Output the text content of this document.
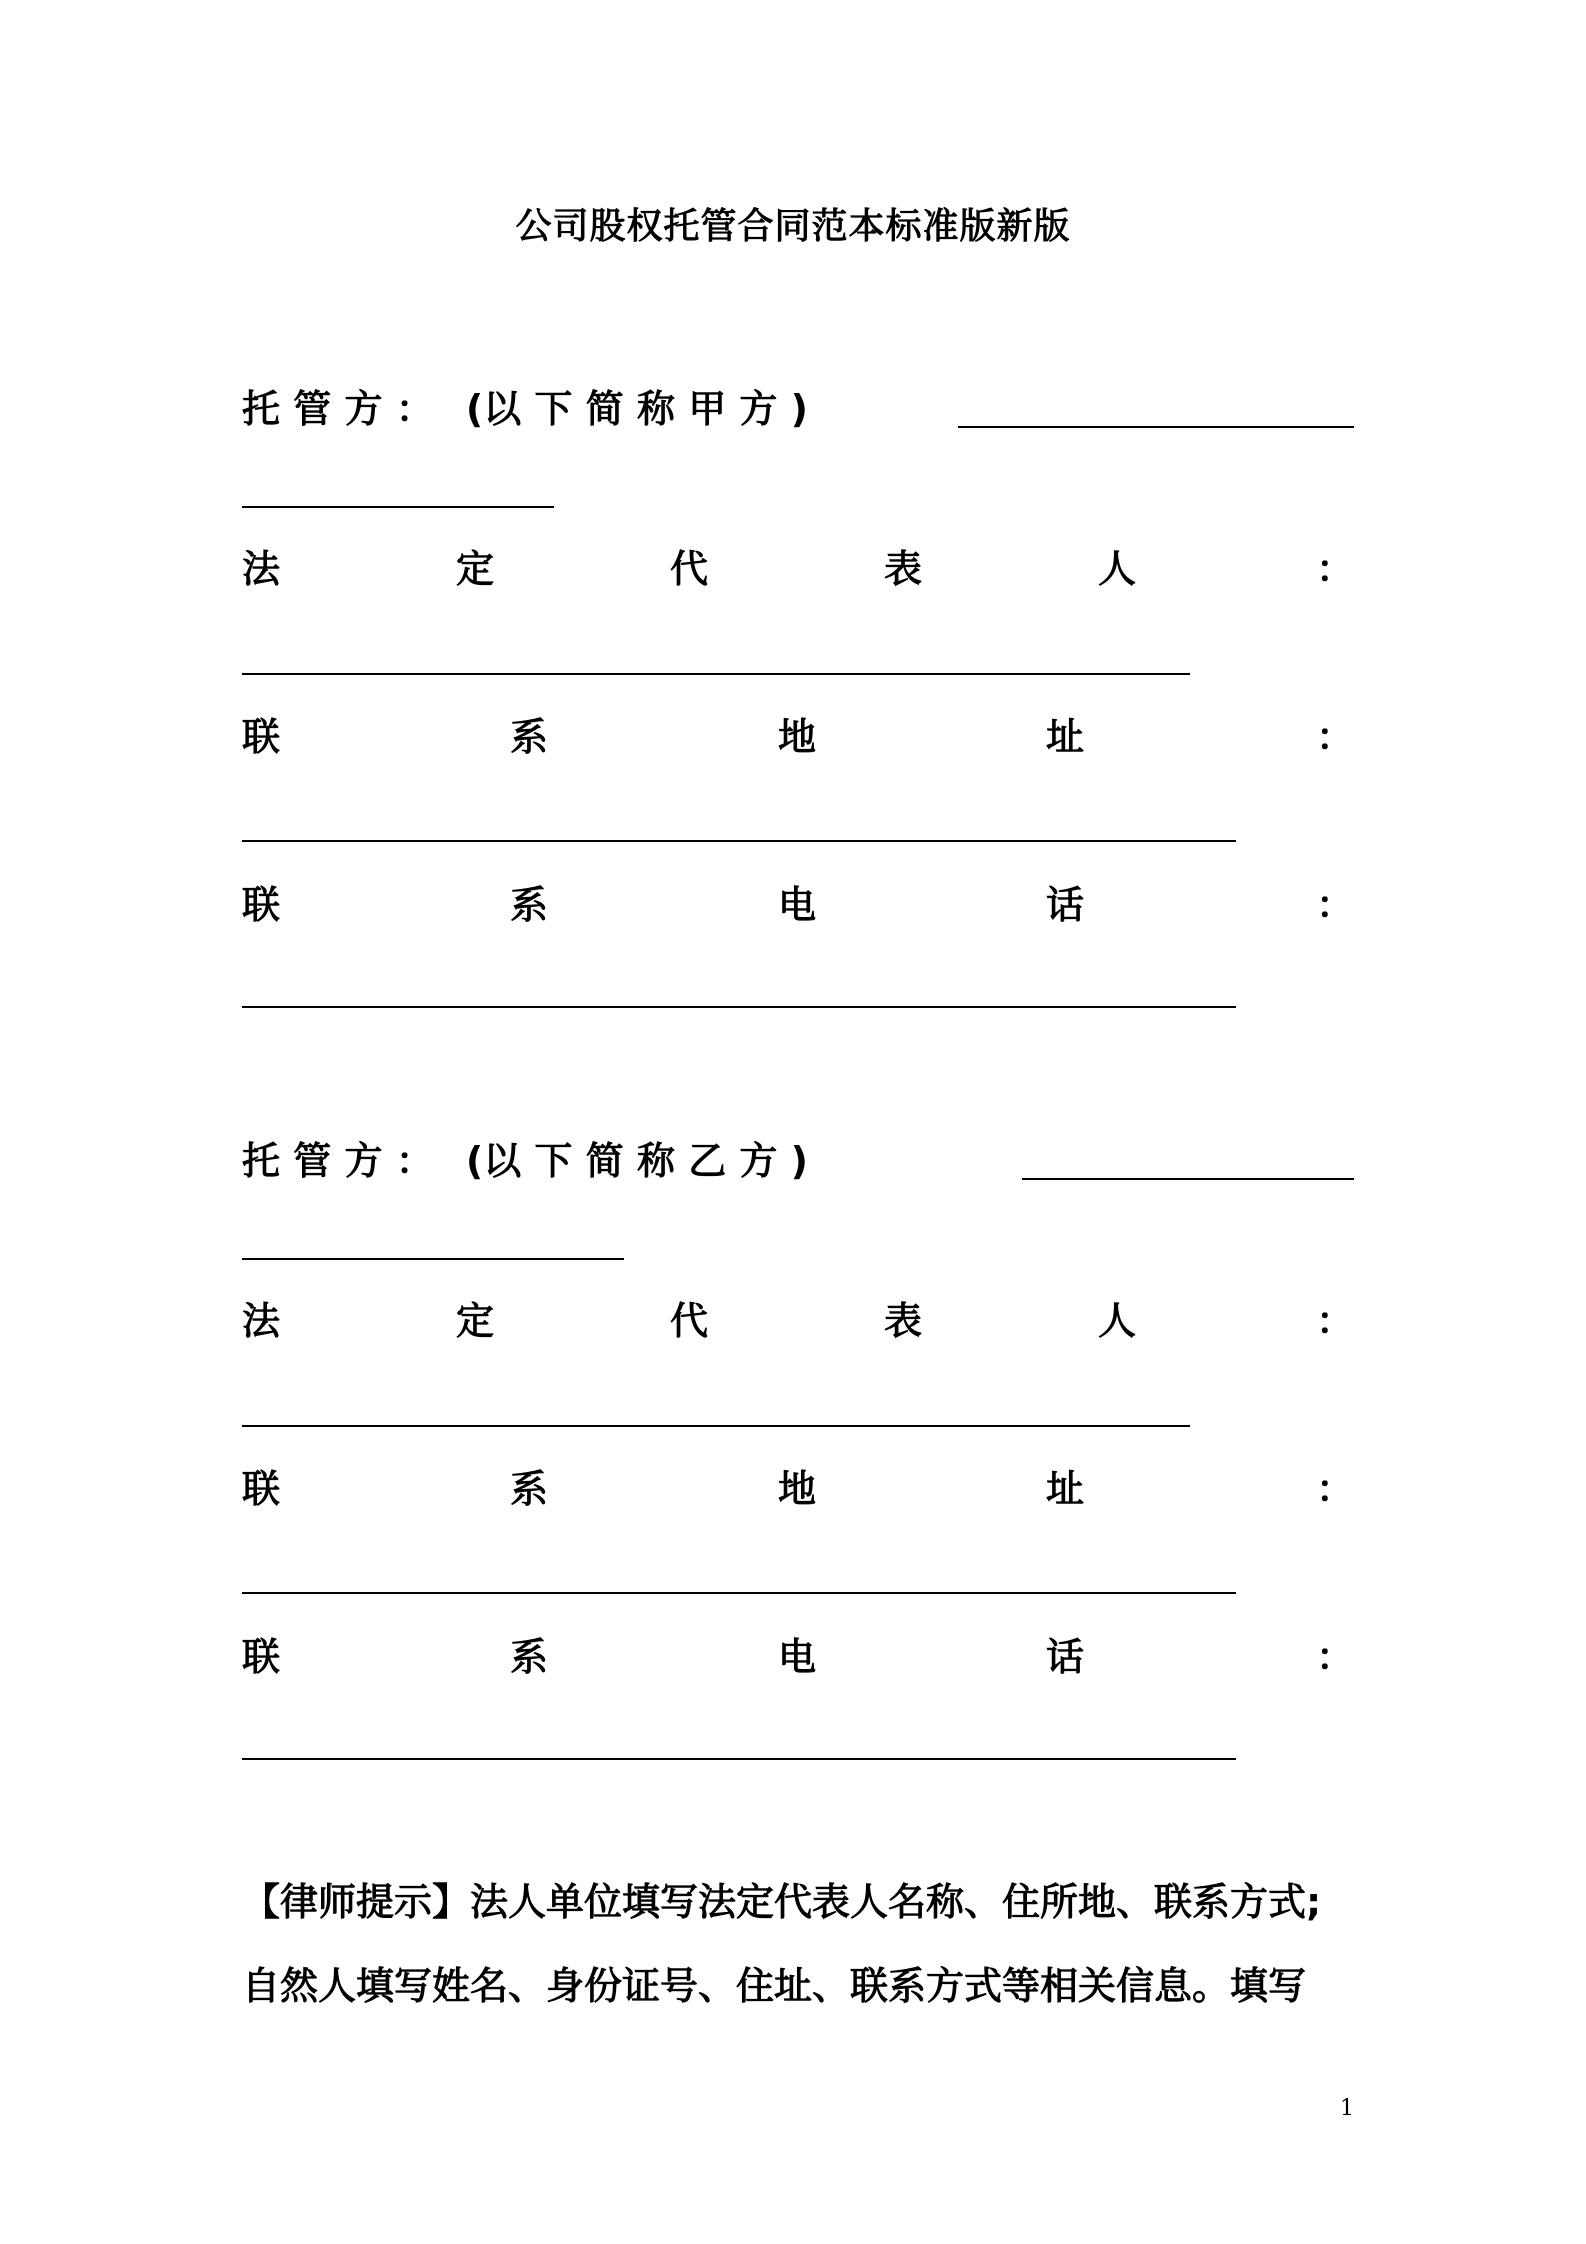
公司股权托管合同范本标准版新版
托 管 方 ：　 (以 下 简 称 甲 方 )
法	定	代	表	人	：
联	系	地	址	：
联	系	电	话	：
托 管 方 ：　 (以 下 简 称 乙 方 )
法	定	代	表	人	：
联	系	地	址	：
联	系	电	话	：
【律师提示】法人单位填写法定代表人名称、住所地、联系方式;
自然人填写姓名、身份证号、住址、联系方式等相关信息。填写
1
